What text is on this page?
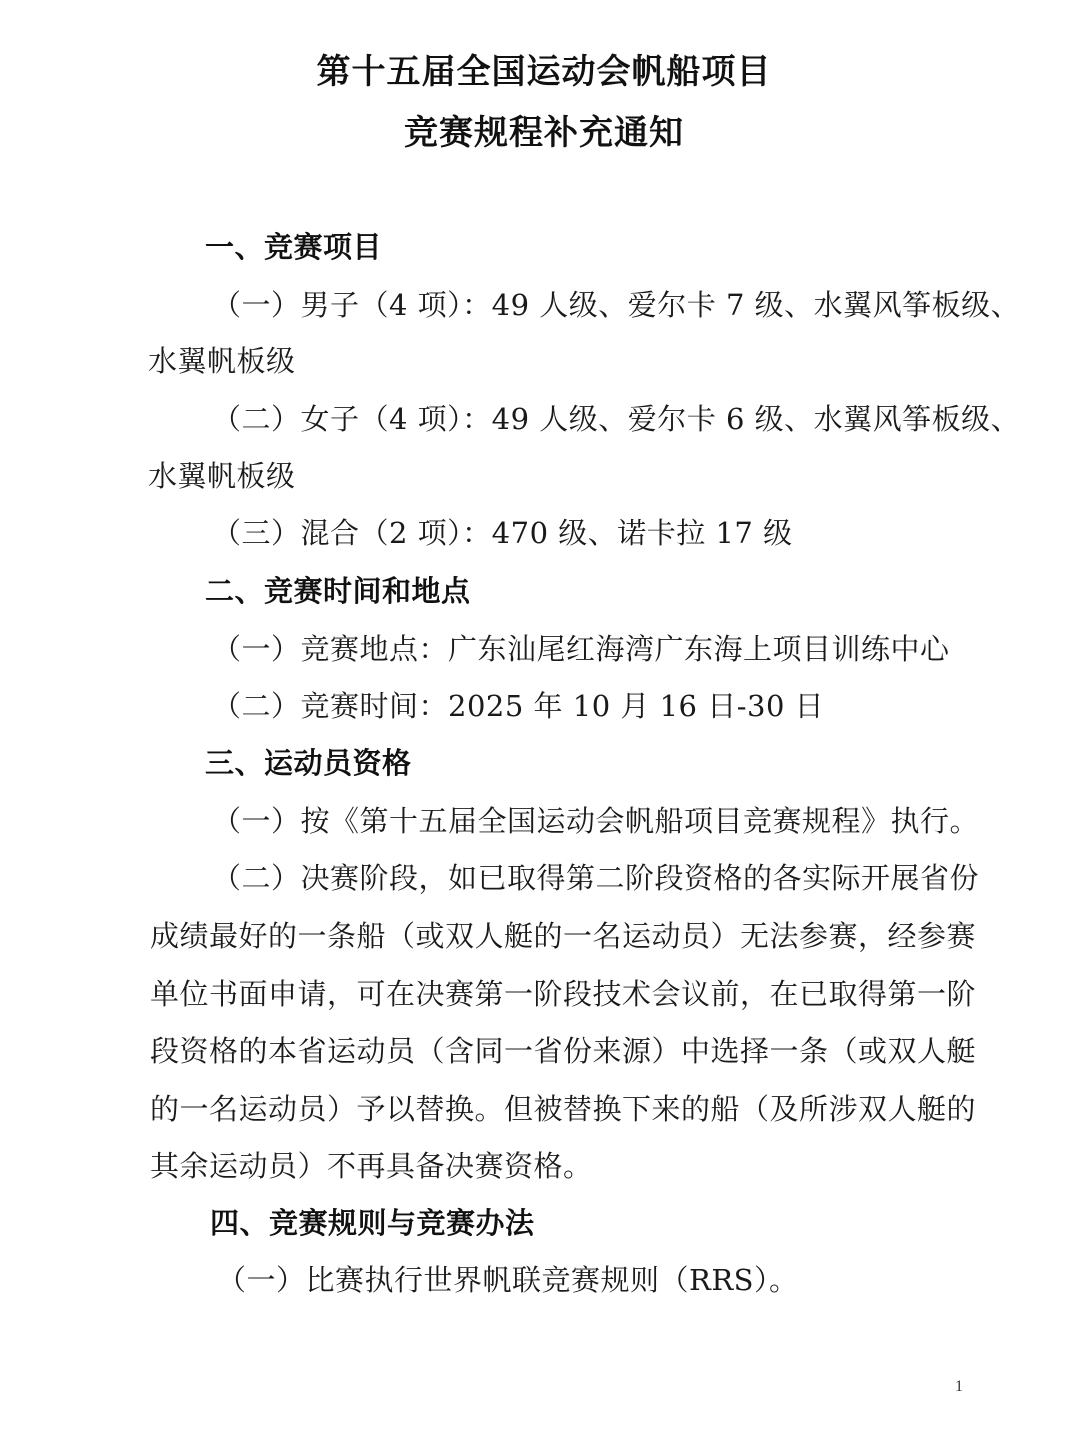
第十五届全国运动会帆船项目
竞赛规程补充通知
一、竞赛项目
（一）男子（4 项）：49 人级、爱尔卡 7 级、水翼风筝板级、
水翼帆板级
（二）女子（4 项）：49 人级、爱尔卡 6 级、水翼风筝板级、
水翼帆板级
（三）混合（2 项）：470 级、诺卡拉 17 级
二、竞赛时间和地点
（一）竞赛地点：广东汕尾红海湾广东海上项目训练中心
（二）竞赛时间：2025 年 10 月 16 日-30 日
三、运动员资格
（一）按《第十五届全国运动会帆船项目竞赛规程》执行。
（二）决赛阶段，如已取得第二阶段资格的各实际开展省份
成绩最好的一条船（或双人艇的一名运动员）无法参赛，经参赛
单位书面申请，可在决赛第一阶段技术会议前，在已取得第一阶
段资格的本省运动员（含同一省份来源）中选择一条（或双人艇
的一名运动员）予以替换。但被替换下来的船（及所涉双人艇的
其余运动员）不再具备决赛资格。
四、竞赛规则与竞赛办法
（一）比赛执行世界帆联竞赛规则（RRS）。
1
